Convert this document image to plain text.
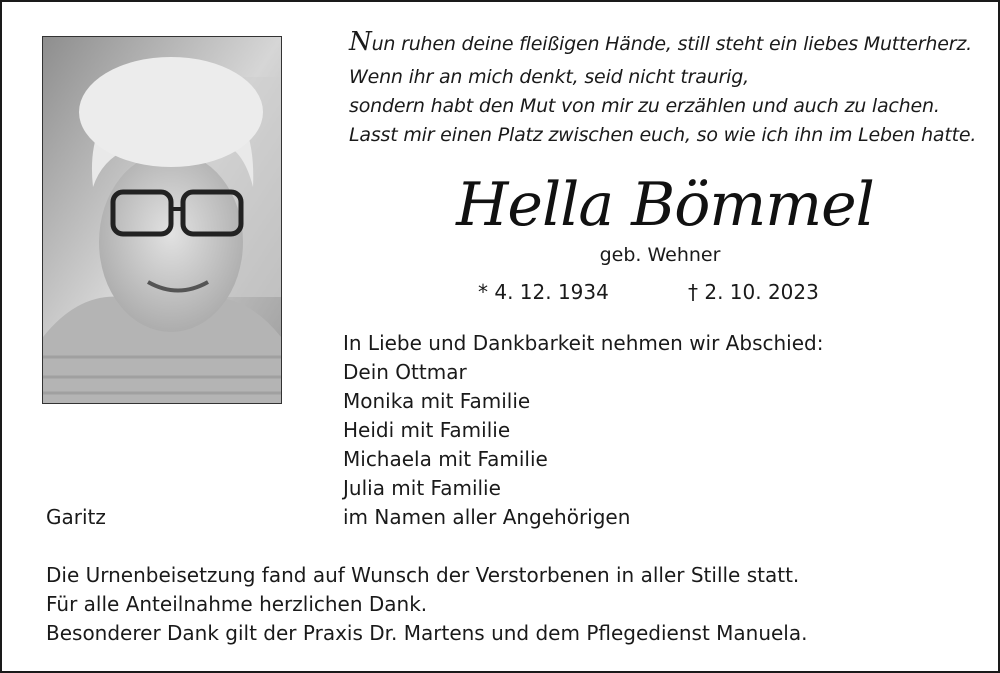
Nun ruhen deine fleißigen Hände, still steht ein liebes Mutterherz.
Wenn ihr an mich denkt, seid nicht traurig,
sondern habt den Mut von mir zu erzählen und auch zu lachen.
Lasst mir einen Platz zwischen euch, so wie ich ihn im Leben hatte.
Hella Bömmel
geb. Wehner
* 4. 12. 1934	† 2. 10. 2023
In Liebe und Dankbarkeit nehmen wir Abschied:
Dein Ottmar
Monika mit Familie
Heidi mit Familie
Michaela mit Familie
Julia mit Familie
im Namen aller Angehörigen
Garitz
Die Urnenbeisetzung fand auf Wunsch der Verstorbenen in aller Stille statt.
Für alle Anteilnahme herzlichen Dank.
Besonderer Dank gilt der Praxis Dr. Martens und dem Pflegedienst Manuela.
